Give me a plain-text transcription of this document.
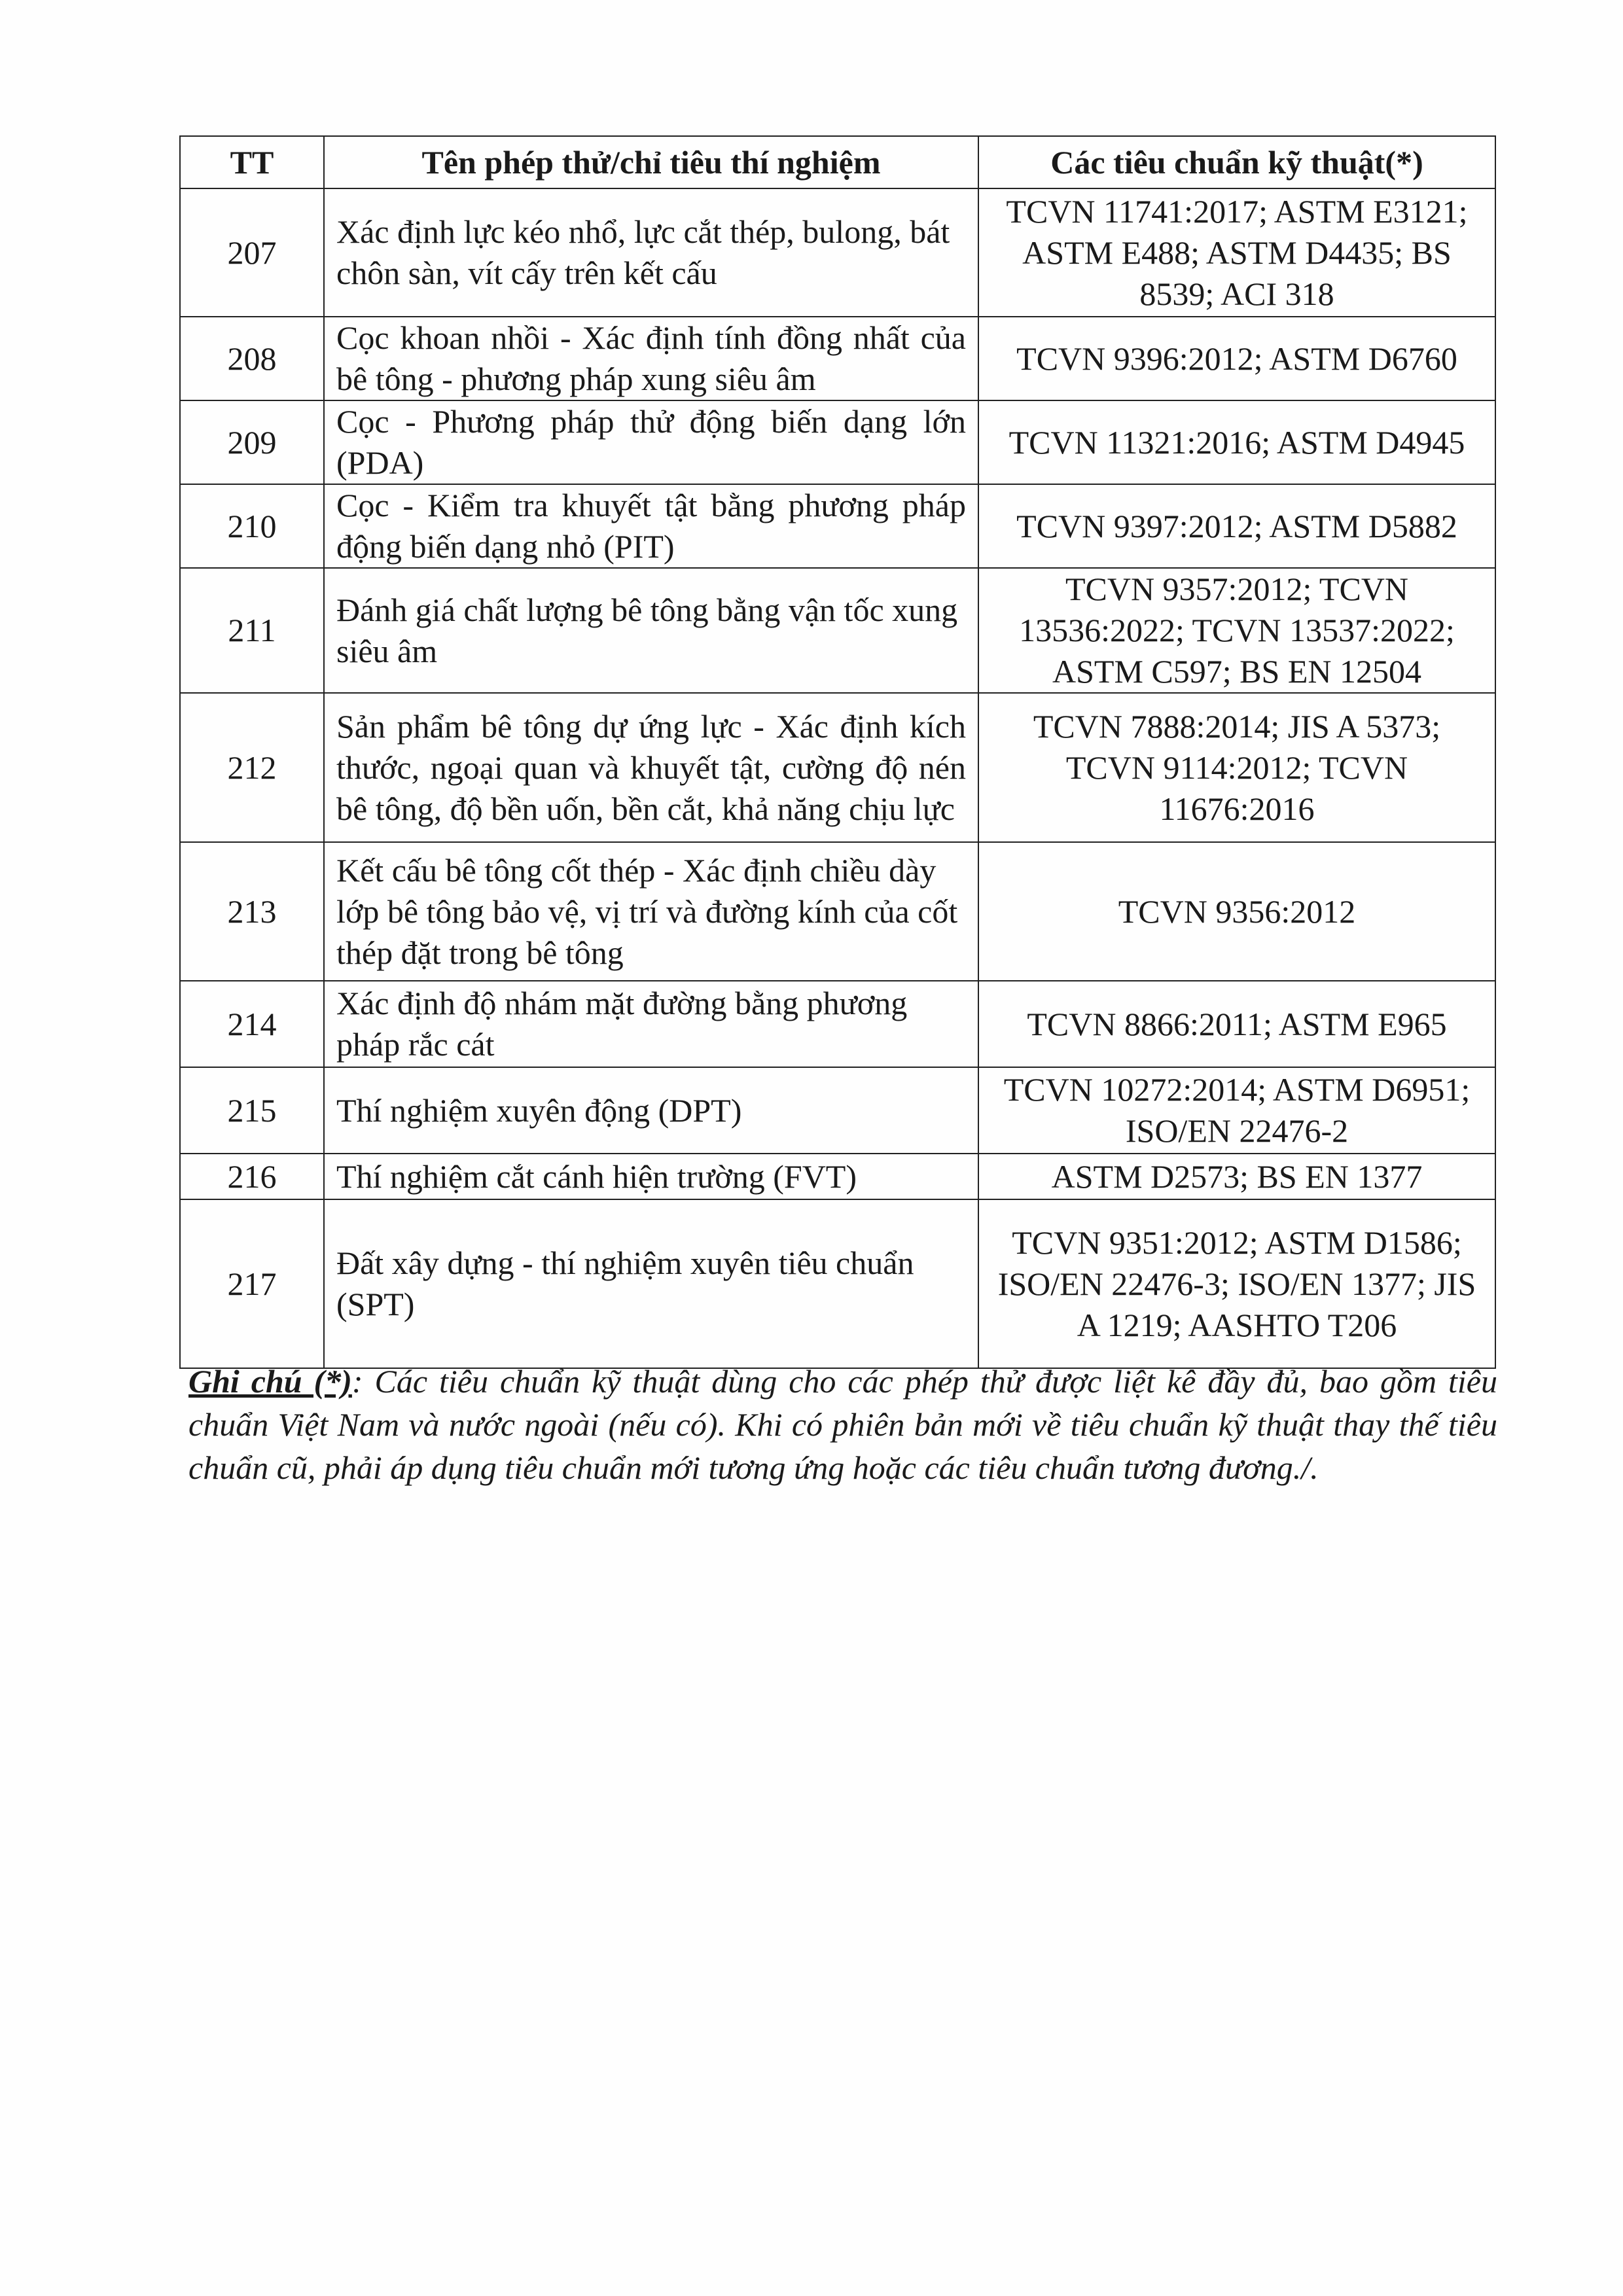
TT	Tên phép thử/chỉ tiêu thí nghiệm	Các tiêu chuẩn kỹ thuật(*)
207	Xác định lực kéo nhổ, lực cắt thép, bulong, bát chôn sàn, vít cấy trên kết cấu	TCVN 11741:2017; ASTM E3121; ASTM E488; ASTM D4435; BS 8539; ACI 318
208	Cọc khoan nhồi - Xác định tính đồng nhất của bê tông - phương pháp xung siêu âm	TCVN 9396:2012; ASTM D6760
209	Cọc - Phương pháp thử động biến dạng lớn (PDA)	TCVN 11321:2016; ASTM D4945
210	Cọc - Kiểm tra khuyết tật bằng phương pháp động biến dạng nhỏ (PIT)	TCVN 9397:2012; ASTM D5882
211	Đánh giá chất lượng bê tông bằng vận tốc xung siêu âm	TCVN 9357:2012; TCVN 13536:2022; TCVN 13537:2022; ASTM C597; BS EN 12504
212	Sản phẩm bê tông dự ứng lực - Xác định kích thước, ngoại quan và khuyết tật, cường độ nén bê tông, độ bền uốn, bền cắt, khả năng chịu lực	TCVN 7888:2014; JIS A 5373; TCVN 9114:2012; TCVN 11676:2016
213	Kết cấu bê tông cốt thép - Xác định chiều dày lớp bê tông bảo vệ, vị trí và đường kính của cốt thép đặt trong bê tông	TCVN 9356:2012
214	Xác định độ nhám mặt đường bằng phương pháp rắc cát	TCVN 8866:2011; ASTM E965
215	Thí nghiệm xuyên động (DPT)	TCVN 10272:2014; ASTM D6951; ISO/EN 22476-2
216	Thí nghiệm cắt cánh hiện trường (FVT)	ASTM D2573; BS EN 1377
217	Đất xây dựng - thí nghiệm xuyên tiêu chuẩn (SPT)	TCVN 9351:2012; ASTM D1586; ISO/EN 22476-3; ISO/EN 1377; JIS A 1219; AASHTO T206
Ghi chú (*): Các tiêu chuẩn kỹ thuật dùng cho các phép thử được liệt kê đầy đủ, bao gồm tiêu chuẩn Việt Nam và nước ngoài (nếu có). Khi có phiên bản mới về tiêu chuẩn kỹ thuật thay thế tiêu chuẩn cũ, phải áp dụng tiêu chuẩn mới tương ứng hoặc các tiêu chuẩn tương đương./.
